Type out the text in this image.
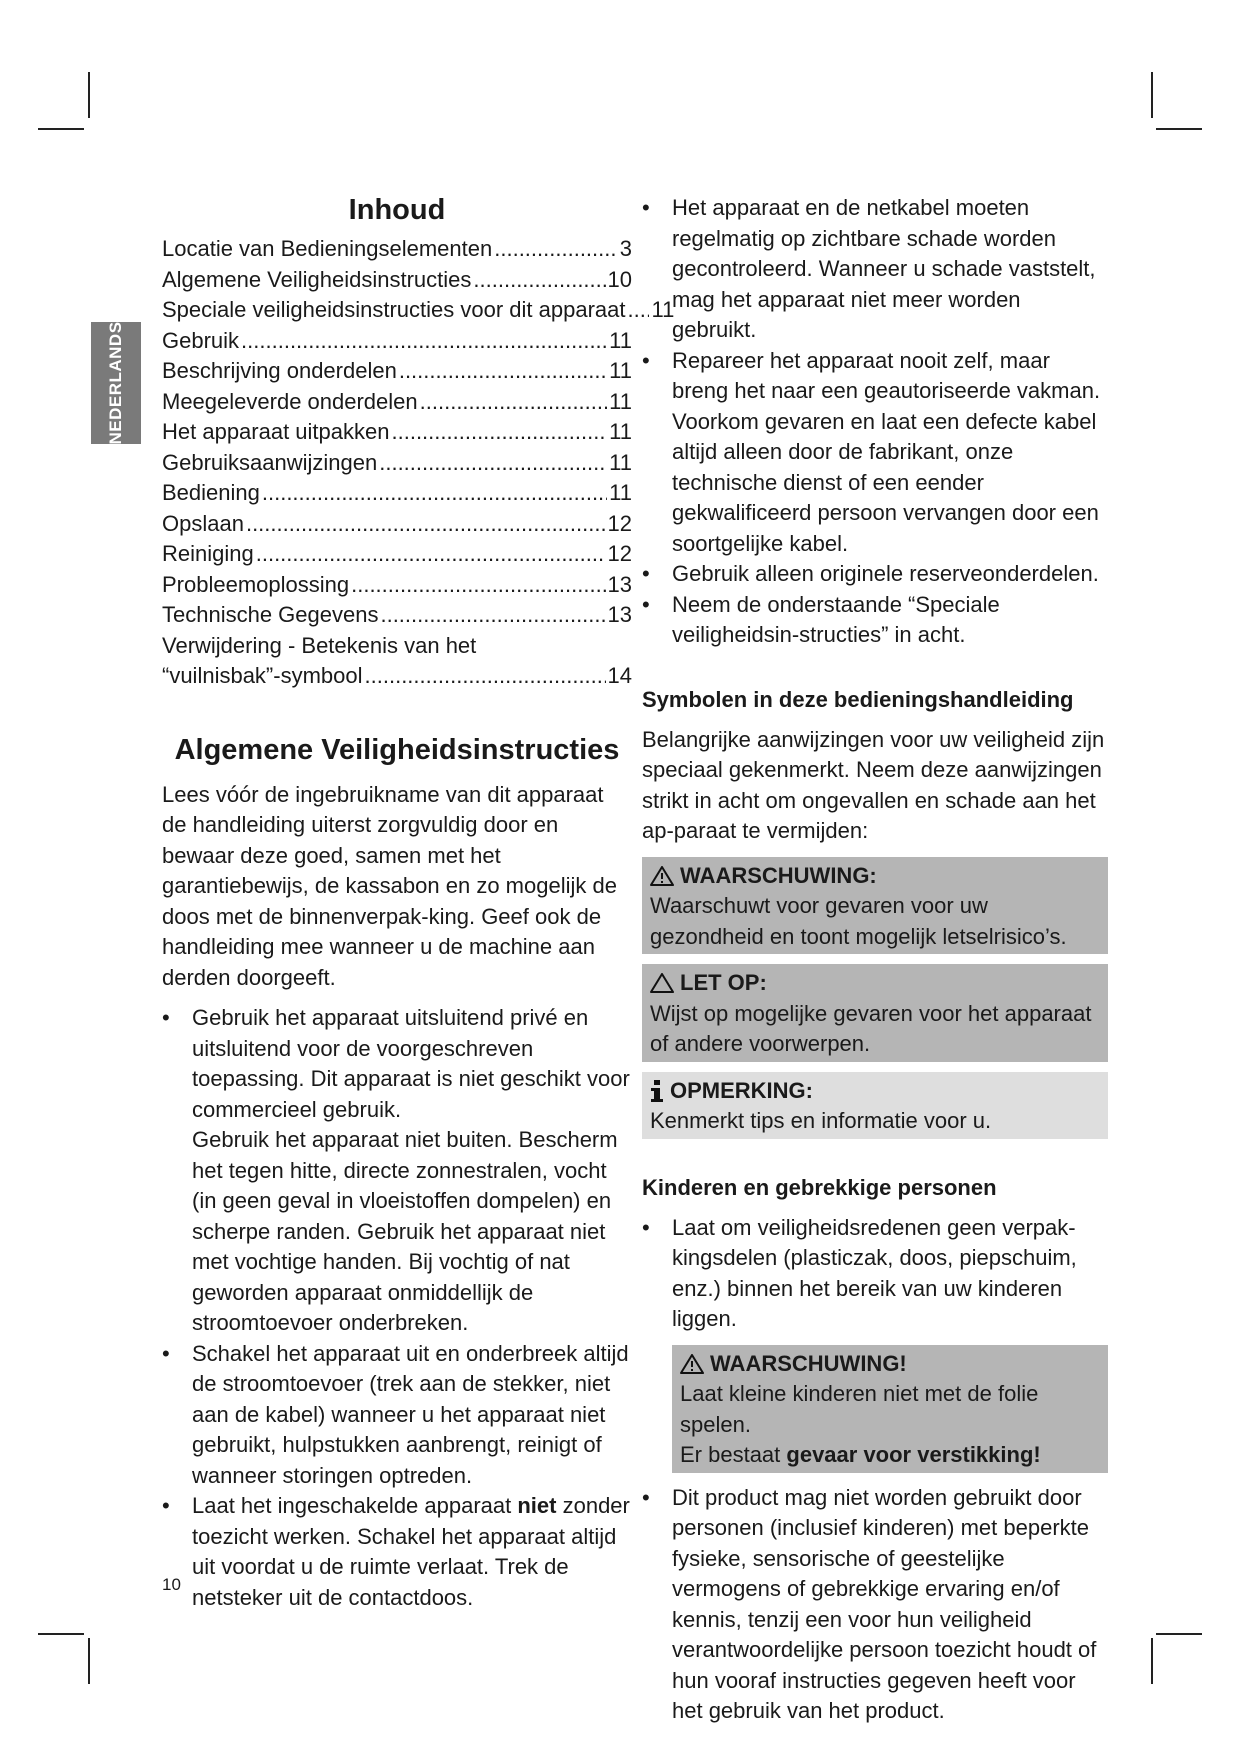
NEDERLANDS
Inhoud
Locatie van Bedieningselementen .....	3
Algemene Veiligheidsinstructies .....	10
Speciale veiligheidsinstructies voor dit apparaat ..... 11
Gebruik .....	11
Beschrijving onderdelen .....	11
Meegeleverde onderdelen .....	11
Het apparaat uitpakken .....	11
Gebruiksaanwijzingen .....	11
Bediening .....	11
Opslaan .....	12
Reiniging .....	12
Probleemoplossing .....	13
Technische Gegevens .....	13
Verwijdering - Betekenis van het
“vuilnisbak”-symbool .....	14
Algemene Veiligheidsinstructies

Lees vóór de ingebruikname van dit apparaat de handleiding uiterst zorgvuldig door en bewaar deze goed, samen met het garantiebewijs, de kassabon en zo mogelijk de doos met de binnenverpak-king. Geef ook de handleiding mee wanneer u de machine aan derden doorgeeft.

• Gebruik het apparaat uitsluitend privé en uitsluitend voor de voorgeschreven toepassing. Dit apparaat is niet geschikt voor commercieel gebruik.
Gebruik het apparaat niet buiten. Bescherm het tegen hitte, directe zonnestralen, vocht (in geen geval in vloeistoffen dompelen) en scherpe randen. Gebruik het apparaat niet met vochtige handen. Bij vochtig of nat geworden apparaat onmiddellijk de stroomtoevoer onderbreken.
• Schakel het apparaat uit en onderbreek altijd de stroomtoevoer (trek aan de stekker, niet aan de kabel) wanneer u het apparaat niet gebruikt, hulpstukken aanbrengt, reinigt of wanneer storingen optreden.
• Laat het ingeschakelde apparaat niet zonder toezicht werken. Schakel het apparaat altijd uit voordat u de ruimte verlaat. Trek de netsteker uit de contactdoos.
• Het apparaat en de netkabel moeten regelmatig op zichtbare schade worden gecontroleerd. Wanneer u schade vaststelt, mag het apparaat niet meer worden gebruikt.
• Repareer het apparaat nooit zelf, maar breng het naar een geautoriseerde vakman. Voorkom gevaren en laat een defecte kabel altijd alleen door de fabrikant, onze technische dienst of een eender gekwalificeerd persoon vervangen door een soortgelijke kabel.
• Gebruik alleen originele reserveonderdelen.
• Neem de onderstaande “Speciale veiligheidsin-structies” in acht.
Symbolen in deze bedieningshandleiding

Belangrijke aanwijzingen voor uw veiligheid zijn speciaal gekenmerkt. Neem deze aanwijzingen strikt in acht om ongevallen en schade aan het ap-paraat te vermijden:

WAARSCHUWING:
Waarschuwt voor gevaren voor uw gezondheid en toont mogelijk letselrisico’s.
LET OP:
Wijst op mogelijke gevaren voor het apparaat of andere voorwerpen.
OPMERKING:
Kenmerkt tips en informatie voor u.
Kinderen en gebrekkige personen
• Laat om veiligheidsredenen geen verpak-kingsdelen (plasticzak, doos, piepschuim, enz.) binnen het bereik van uw kinderen liggen.
WAARSCHUWING!
Laat kleine kinderen niet met de folie spelen.
Er bestaat gevaar voor verstikking!
• Dit product mag niet worden gebruikt door personen (inclusief kinderen) met beperkte fysieke, sensorische of geestelijke vermogens of gebrekkige ervaring en/of kennis, tenzij een voor hun veiligheid verantwoordelijke persoon toezicht houdt of hun vooraf instructies gegeven heeft voor het gebruik van het product.
10
